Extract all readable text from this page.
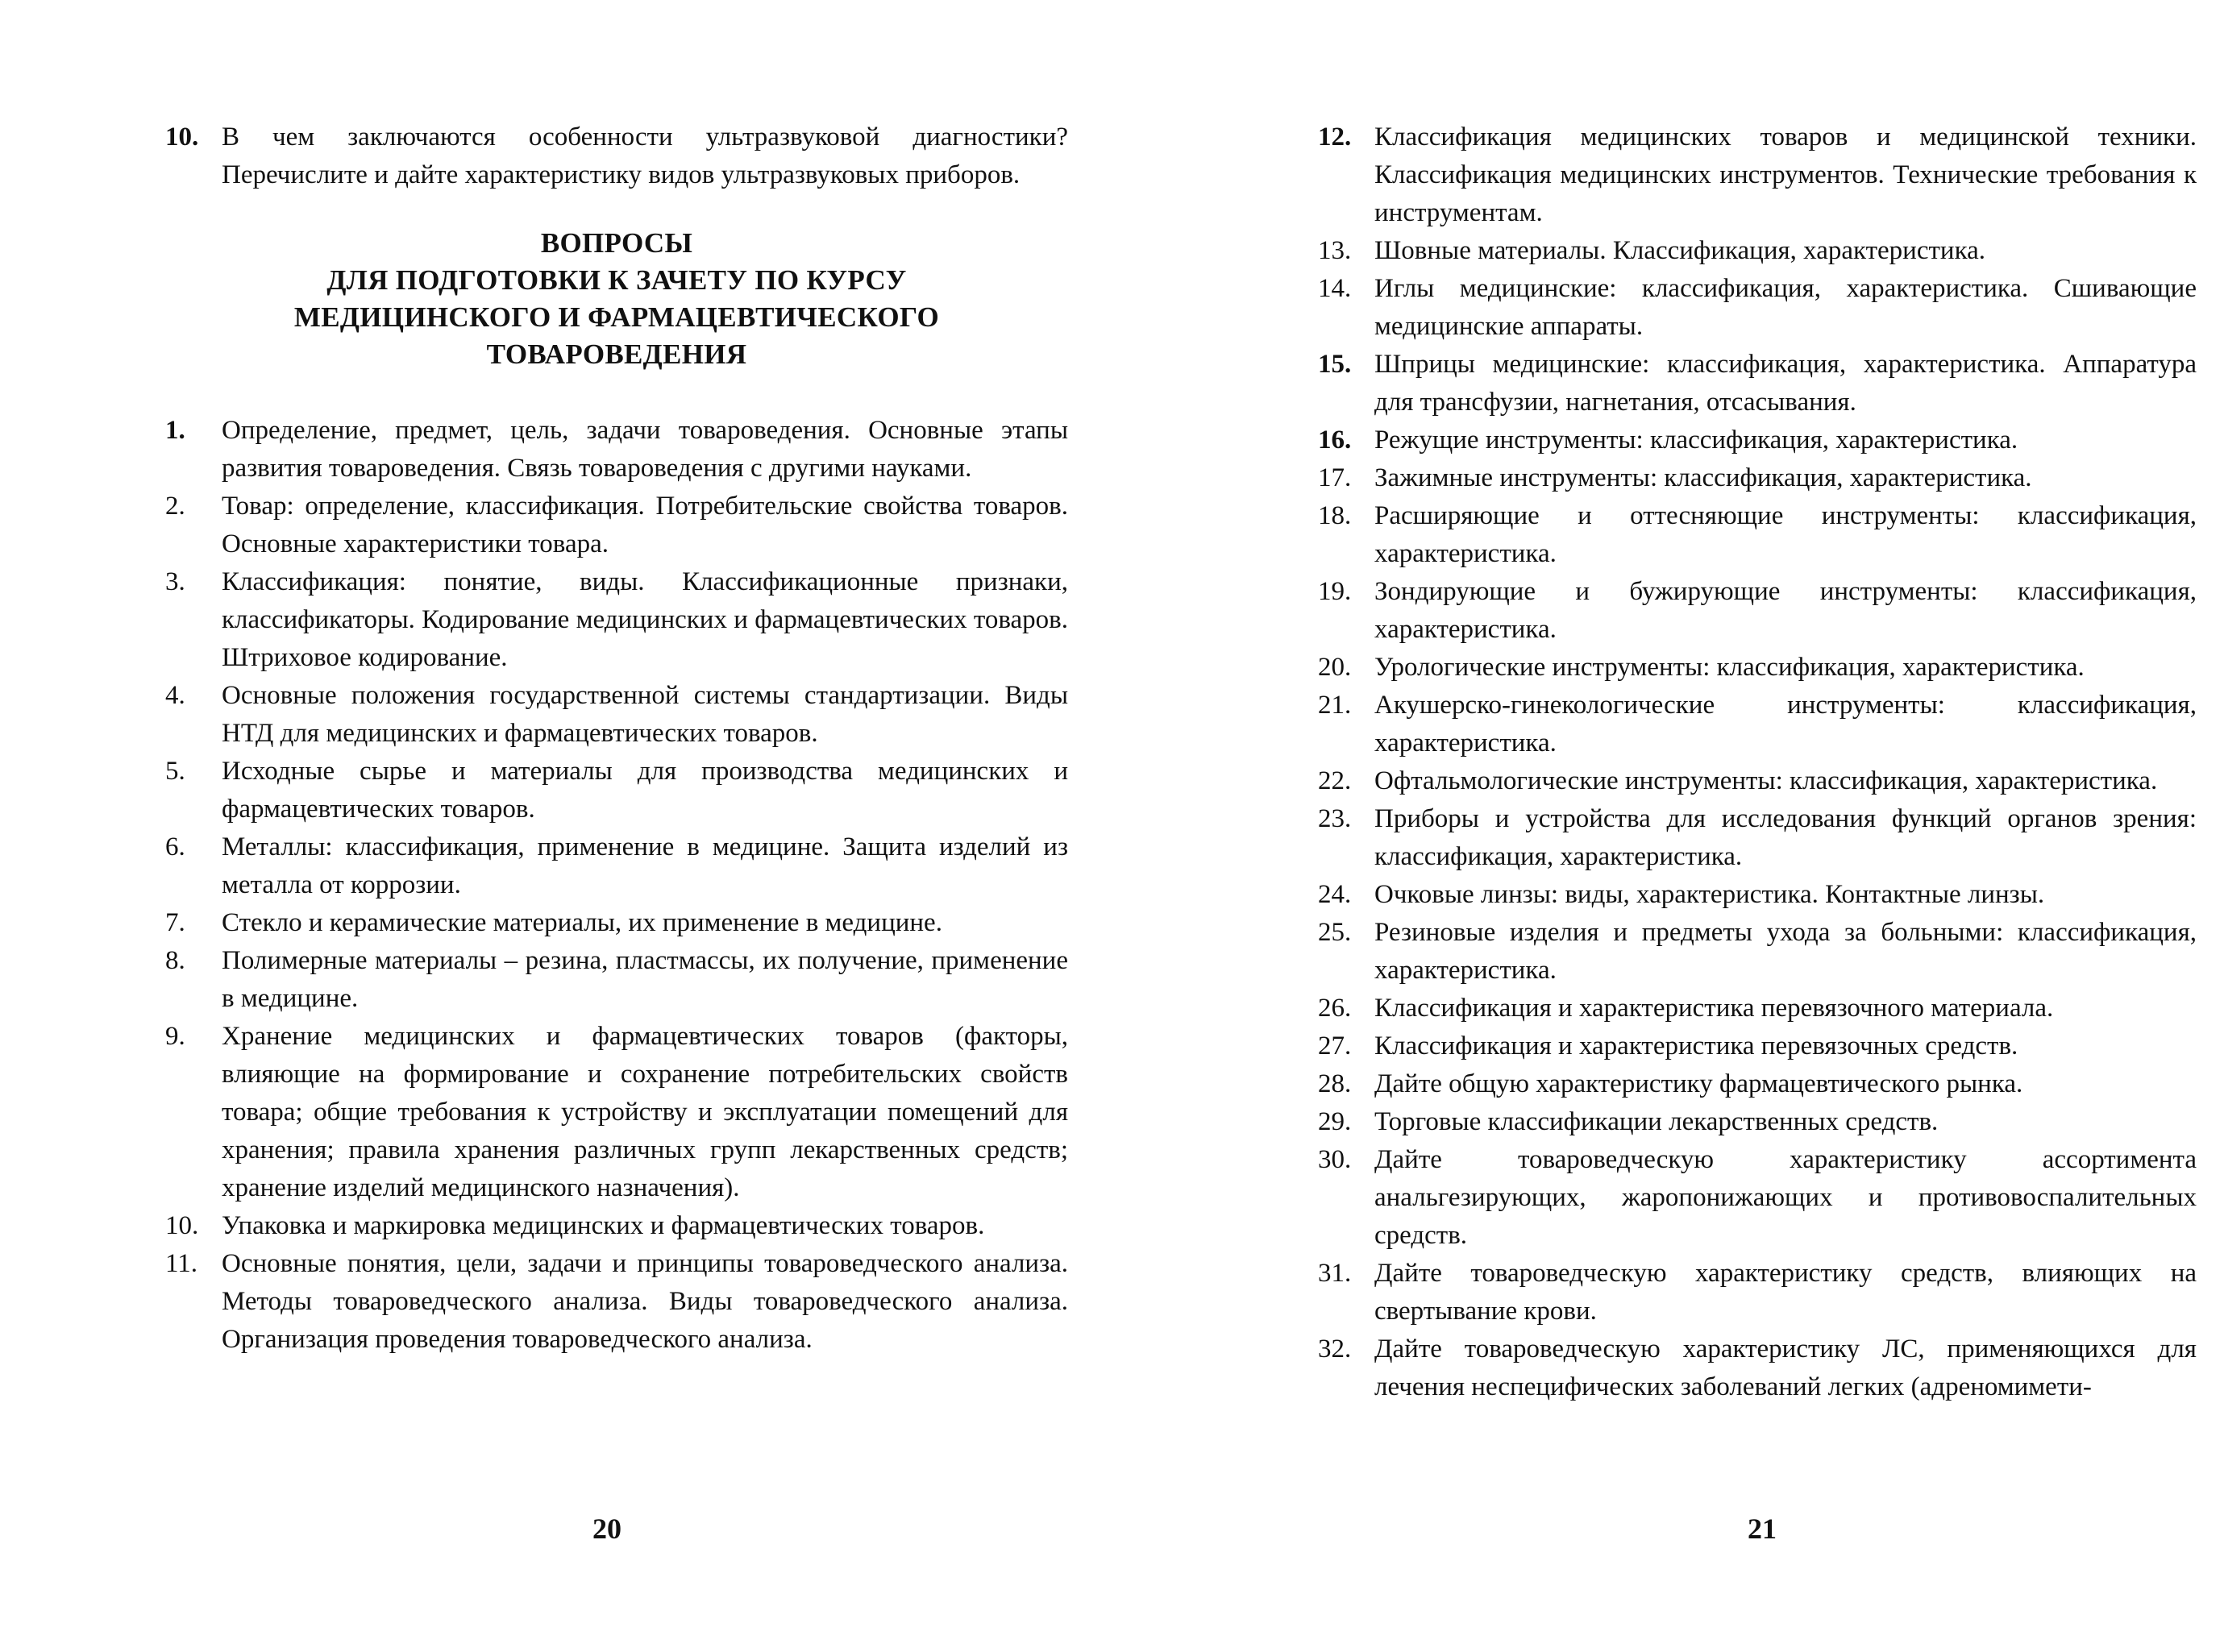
10. В чем заключаются особенности ультразвуковой диагностики? Перечислите и дайте характеристику видов ультразвуковых приборов.
ВОПРОСЫ
ДЛЯ ПОДГОТОВКИ К ЗАЧЕТУ ПО КУРСУ
МЕДИЦИНСКОГО И ФАРМАЦЕВТИЧЕСКОГО
ТОВАРОВЕДЕНИЯ
1.	Определение, предмет, цель, задачи товароведения. Основные этапы развития товароведения. Связь товароведения с другими науками.
2.	Товар: определение, классификация. Потребительские свойства товаров. Основные характеристики товара.
3.	Классификация: понятие, виды. Классификационные признаки, классификаторы. Кодирование медицинских и фармацевтических товаров. Штриховое кодирование.
4.	Основные положения государственной системы стандартизации. Виды НТД для медицинских и фармацевтических товаров.
5.	Исходные сырье и материалы для производства медицинских и фармацевтических товаров.
6.	Металлы: классификация, применение в медицине. Защита изделий из металла от коррозии.
7.	Стекло и керамические материалы, их применение в медицине.
8.	Полимерные материалы – резина, пластмассы, их получение, применение в медицине.
9.	Хранение медицинских и фармацевтических товаров (факторы, влияющие на формирование и сохранение потребительских свойств товара; общие требования к устройству и эксплуатации помещений для хранения; правила хранения различных групп лекарственных средств; хранение изделий медицинского назначения).
10. Упаковка и маркировка медицинских и фармацевтических товаров.
11. Основные понятия, цели, задачи и принципы товароведческого анализа. Методы товароведческого анализа. Виды товароведческого анализа. Организация проведения товароведческого анализа.
20
12. Классификация медицинских товаров и медицинской техники. Классификация медицинских инструментов. Технические требования к инструментам.
13. Шовные материалы. Классификация, характеристика.
14. Иглы медицинские: классификация, характеристика. Сшивающие медицинские аппараты.
15. Шприцы медицинские: классификация, характеристика. Аппаратура для трансфузии, нагнетания, отсасывания.
16. Режущие инструменты: классификация, характеристика.
17. Зажимные инструменты: классификация, характеристика.
18. Расширяющие и оттесняющие инструменты: классификация, характеристика.
19. Зондирующие и бужирующие инструменты: классификация, характеристика.
20. Урологические инструменты: классификация, характеристика.
21. Акушерско-гинекологические инструменты: классификация, характеристика.
22. Офтальмологические инструменты: классификация, характеристика.
23. Приборы и устройства для исследования функций органов зрения: классификация, характеристика.
24. Очковые линзы: виды, характеристика. Контактные линзы.
25. Резиновые изделия и предметы ухода за больными: классификация, характеристика.
26. Классификация и характеристика перевязочного материала.
27. Классификация и характеристика перевязочных средств.
28. Дайте общую характеристику фармацевтического рынка.
29. Торговые классификации лекарственных средств.
30. Дайте товароведческую характеристику ассортимента анальгезирующих, жаропонижающих и противовоспалительных средств.
31. Дайте товароведческую характеристику средств, влияющих на свертывание крови.
32. Дайте товароведческую характеристику ЛС, применяющихся для лечения неспецифических заболеваний легких (адреномимети-
21
